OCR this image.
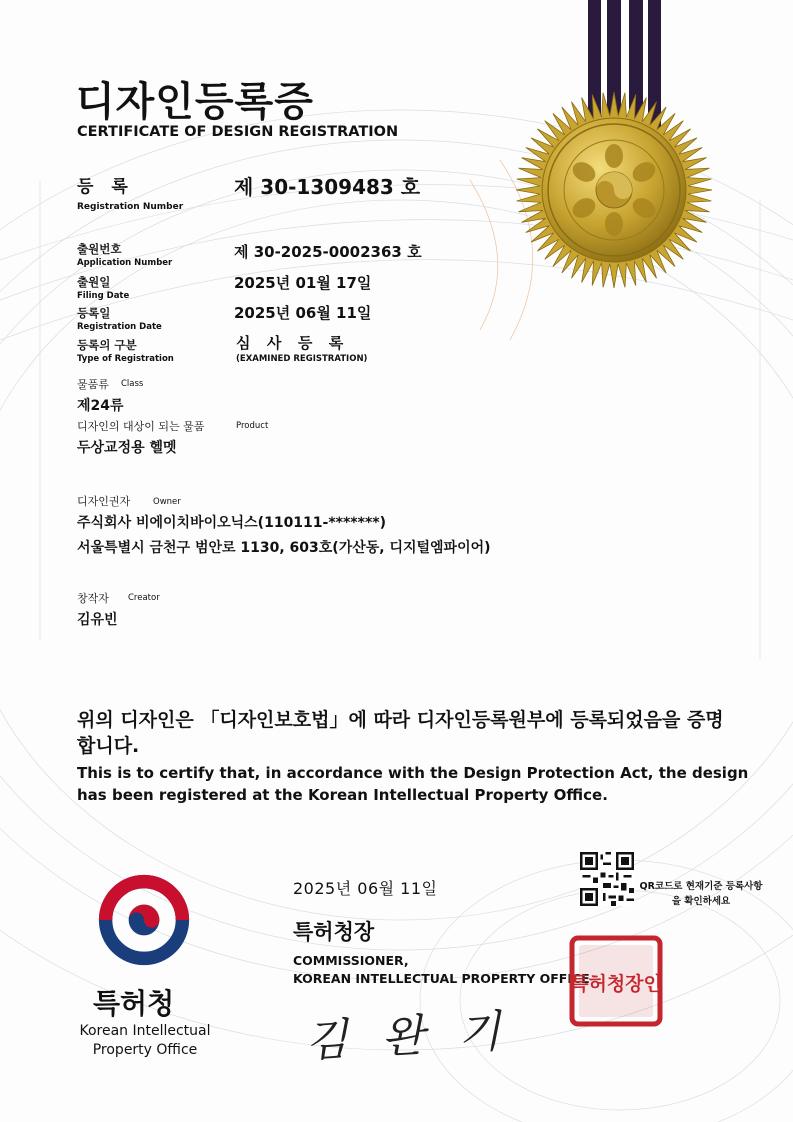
디자인등록증
CERTIFICATE OF DESIGN REGISTRATION
등 록
Registration Number
제 30-1309483 호
출원번호
Application Number
제 30-2025-0002363 호
출원일
Filing Date
2025년 01월 17일
등록일
Registration Date
2025년 06월 11일
등록의 구분
Type of Registration
심  사  등  록
(EXAMINED REGISTRATION)
물품류 Class
제24류
디자인의 대상이 되는 물품	Product
두상교정용 헬멧
디자인권자	Owner
주식회사 비에이치바이오닉스(110111-*******)
서울특별시 금천구 범안로 1130, 603호(가산동, 디지털엠파이어)
창작자 Creator
김유빈
위의 디자인은 「디자인보호법」에 따라 디자인등록원부에 등록되었음을 증명합니다.
This is to certify that, in accordance with the Design Protection Act, the design has been registered at the Korean Intellectual Property Office.
특허청
Korean Intellectual Property Office
2025년 06월 11일
특허청장
COMMISSIONER,
KOREAN INTELLECTUAL PROPERTY OFFICE
김 완 기
QR코드로 현재기준 등록사항을 확인하세요
특허청장인
